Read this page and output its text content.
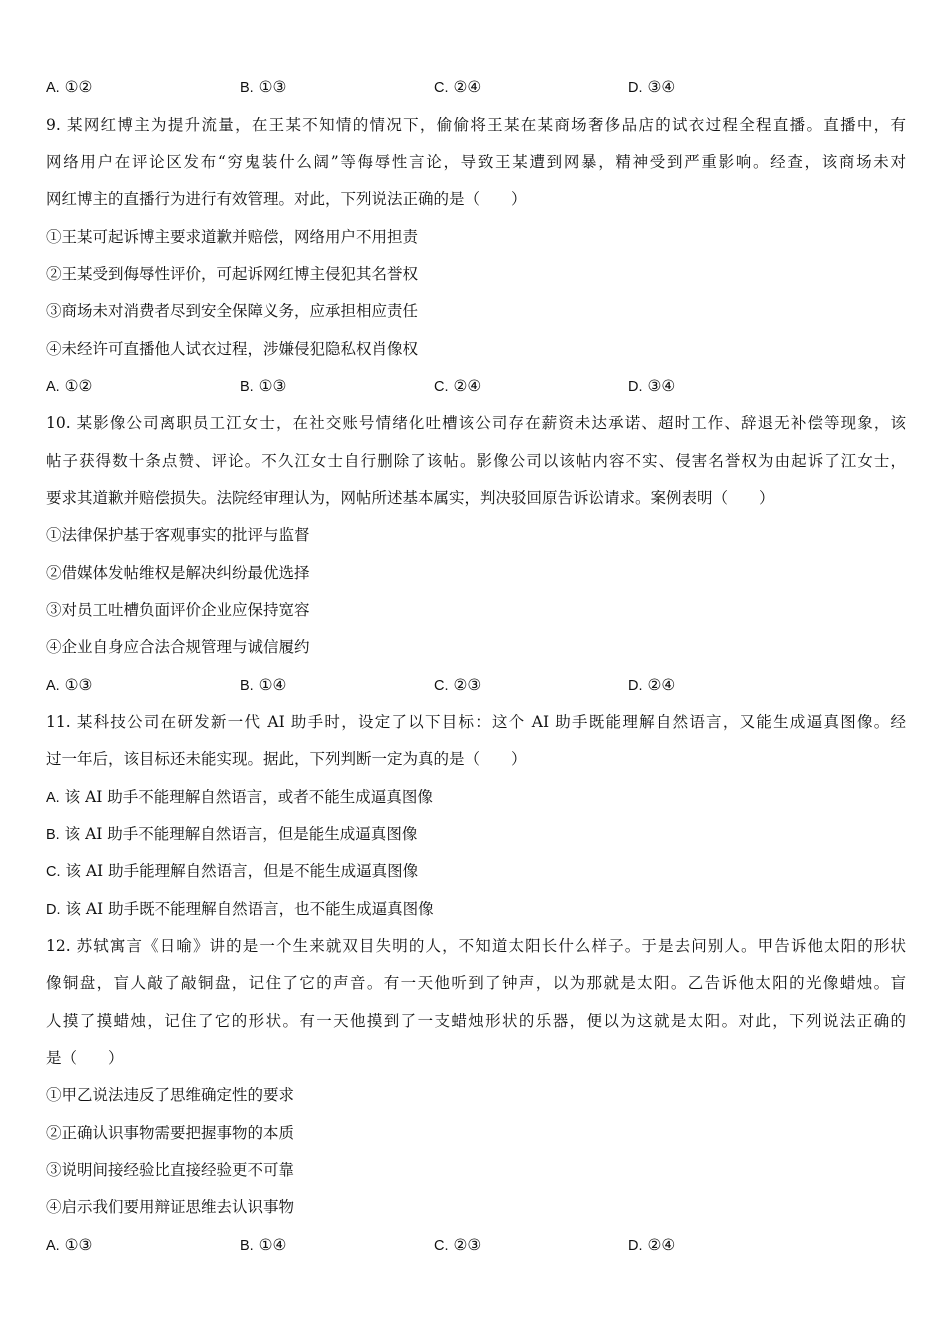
A. ①②	B. ①③	C. ②④	D. ③④
9. 某网红博主为提升流量，在王某不知情的情况下，偷偷将王某在某商场奢侈品店的试衣过程全程直播。直播中，有
网络用户在评论区发布“穷鬼装什么阔”等侮辱性言论，导致王某遭到网暴，精神受到严重影响。经查，该商场未对
网红博主的直播行为进行有效管理。对此，下列说法正确的是（　　）
①王某可起诉博主要求道歉并赔偿，网络用户不用担责
②王某受到侮辱性评价，可起诉网红博主侵犯其名誉权
③商场未对消费者尽到安全保障义务，应承担相应责任
④未经许可直播他人试衣过程，涉嫌侵犯隐私权肖像权
A. ①②	B. ①③	C. ②④	D. ③④
10. 某影像公司离职员工江女士，在社交账号情绪化吐槽该公司存在薪资未达承诺、超时工作、辞退无补偿等现象，该
帖子获得数十条点赞、评论。不久江女士自行删除了该帖。影像公司以该帖内容不实、侵害名誉权为由起诉了江女士，
要求其道歉并赔偿损失。法院经审理认为，网帖所述基本属实，判决驳回原告诉讼请求。案例表明（　　）
①法律保护基于客观事实的批评与监督
②借媒体发帖维权是解决纠纷最优选择
③对员工吐槽负面评价企业应保持宽容
④企业自身应合法合规管理与诚信履约
A. ①③	B. ①④	C. ②③	D. ②④
11. 某科技公司在研发新一代 AI 助手时，设定了以下目标：这个 AI 助手既能理解自然语言，又能生成逼真图像。经
过一年后，该目标还未能实现。据此，下列判断一定为真的是（　　）
A. 该 AI 助手不能理解自然语言，或者不能生成逼真图像
B. 该 AI 助手不能理解自然语言，但是能生成逼真图像
C. 该 AI 助手能理解自然语言，但是不能生成逼真图像
D. 该 AI 助手既不能理解自然语言，也不能生成逼真图像
12. 苏轼寓言《日喻》讲的是一个生来就双目失明的人，不知道太阳长什么样子。于是去问别人。甲告诉他太阳的形状
像铜盘，盲人敲了敲铜盘，记住了它的声音。有一天他听到了钟声，以为那就是太阳。乙告诉他太阳的光像蜡烛。盲
人摸了摸蜡烛，记住了它的形状。有一天他摸到了一支蜡烛形状的乐器，便以为这就是太阳。对此，下列说法正确的
是（　　）
①甲乙说法违反了思维确定性的要求
②正确认识事物需要把握事物的本质
③说明间接经验比直接经验更不可靠
④启示我们要用辩证思维去认识事物
A. ①③	B. ①④	C. ②③	D. ②④
